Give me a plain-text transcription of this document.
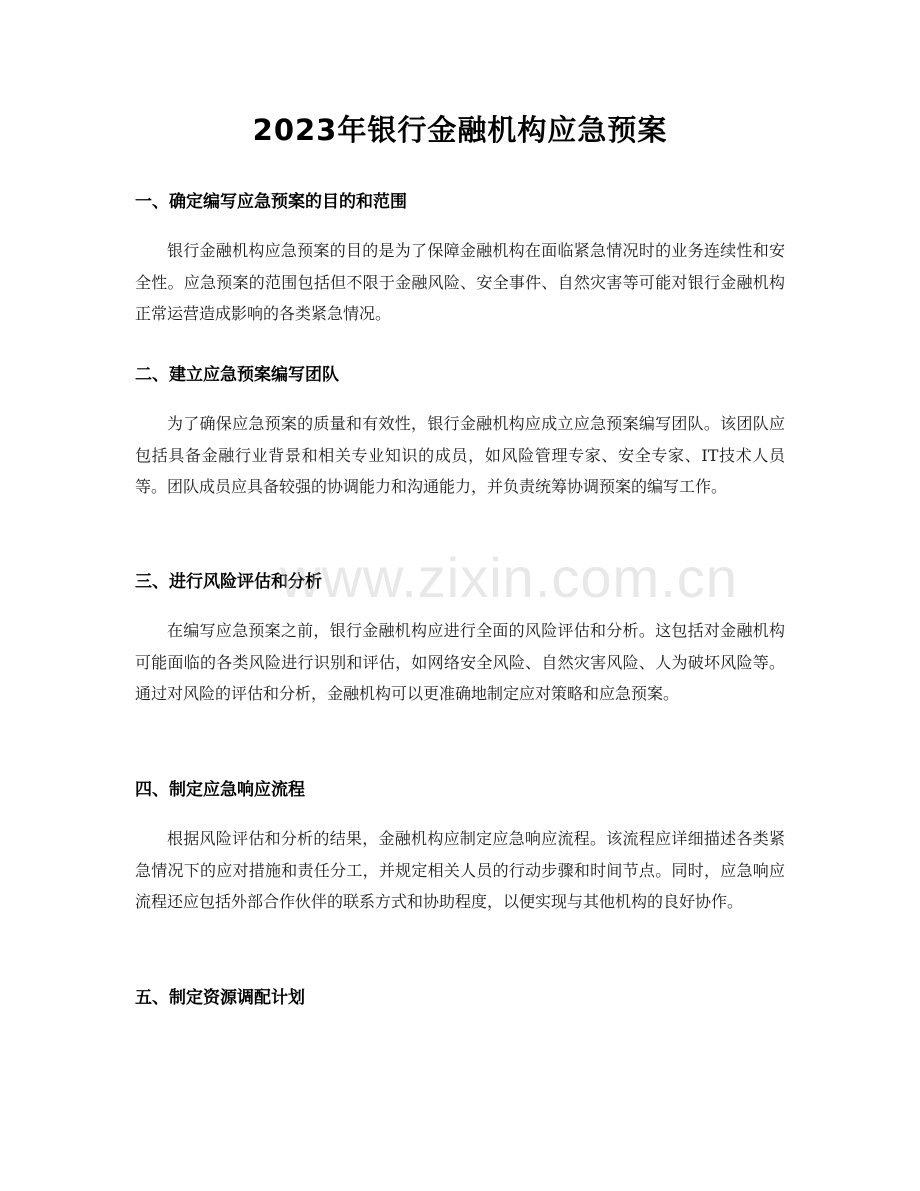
2023年银行金融机构应急预案
一、确定编写应急预案的目的和范围

银行金融机构应急预案的目的是为了保障金融机构在面临紧急情况时的业务连续性和安全性。应急预案的范围包括但不限于金融风险、安全事件、自然灾害等可能对银行金融机构正常运营造成影响的各类紧急情况。

二、建立应急预案编写团队

为了确保应急预案的质量和有效性，银行金融机构应成立应急预案编写团队。该团队应包括具备金融行业背景和相关专业知识的成员，如风险管理专家、安全专家、IT技术人员等。团队成员应具备较强的协调能力和沟通能力，并负责统筹协调预案的编写工作。

三、进行风险评估和分析

在编写应急预案之前，银行金融机构应进行全面的风险评估和分析。这包括对金融机构可能面临的各类风险进行识别和评估，如网络安全风险、自然灾害风险、人为破坏风险等。通过对风险的评估和分析，金融机构可以更准确地制定应对策略和应急预案。

四、制定应急响应流程

根据风险评估和分析的结果，金融机构应制定应急响应流程。该流程应详细描述各类紧急情况下的应对措施和责任分工，并规定相关人员的行动步骤和时间节点。同时，应急响应流程还应包括外部合作伙伴的联系方式和协助程度，以便实现与其他机构的良好协作。

五、制定资源调配计划
www.zixin.com.cn
